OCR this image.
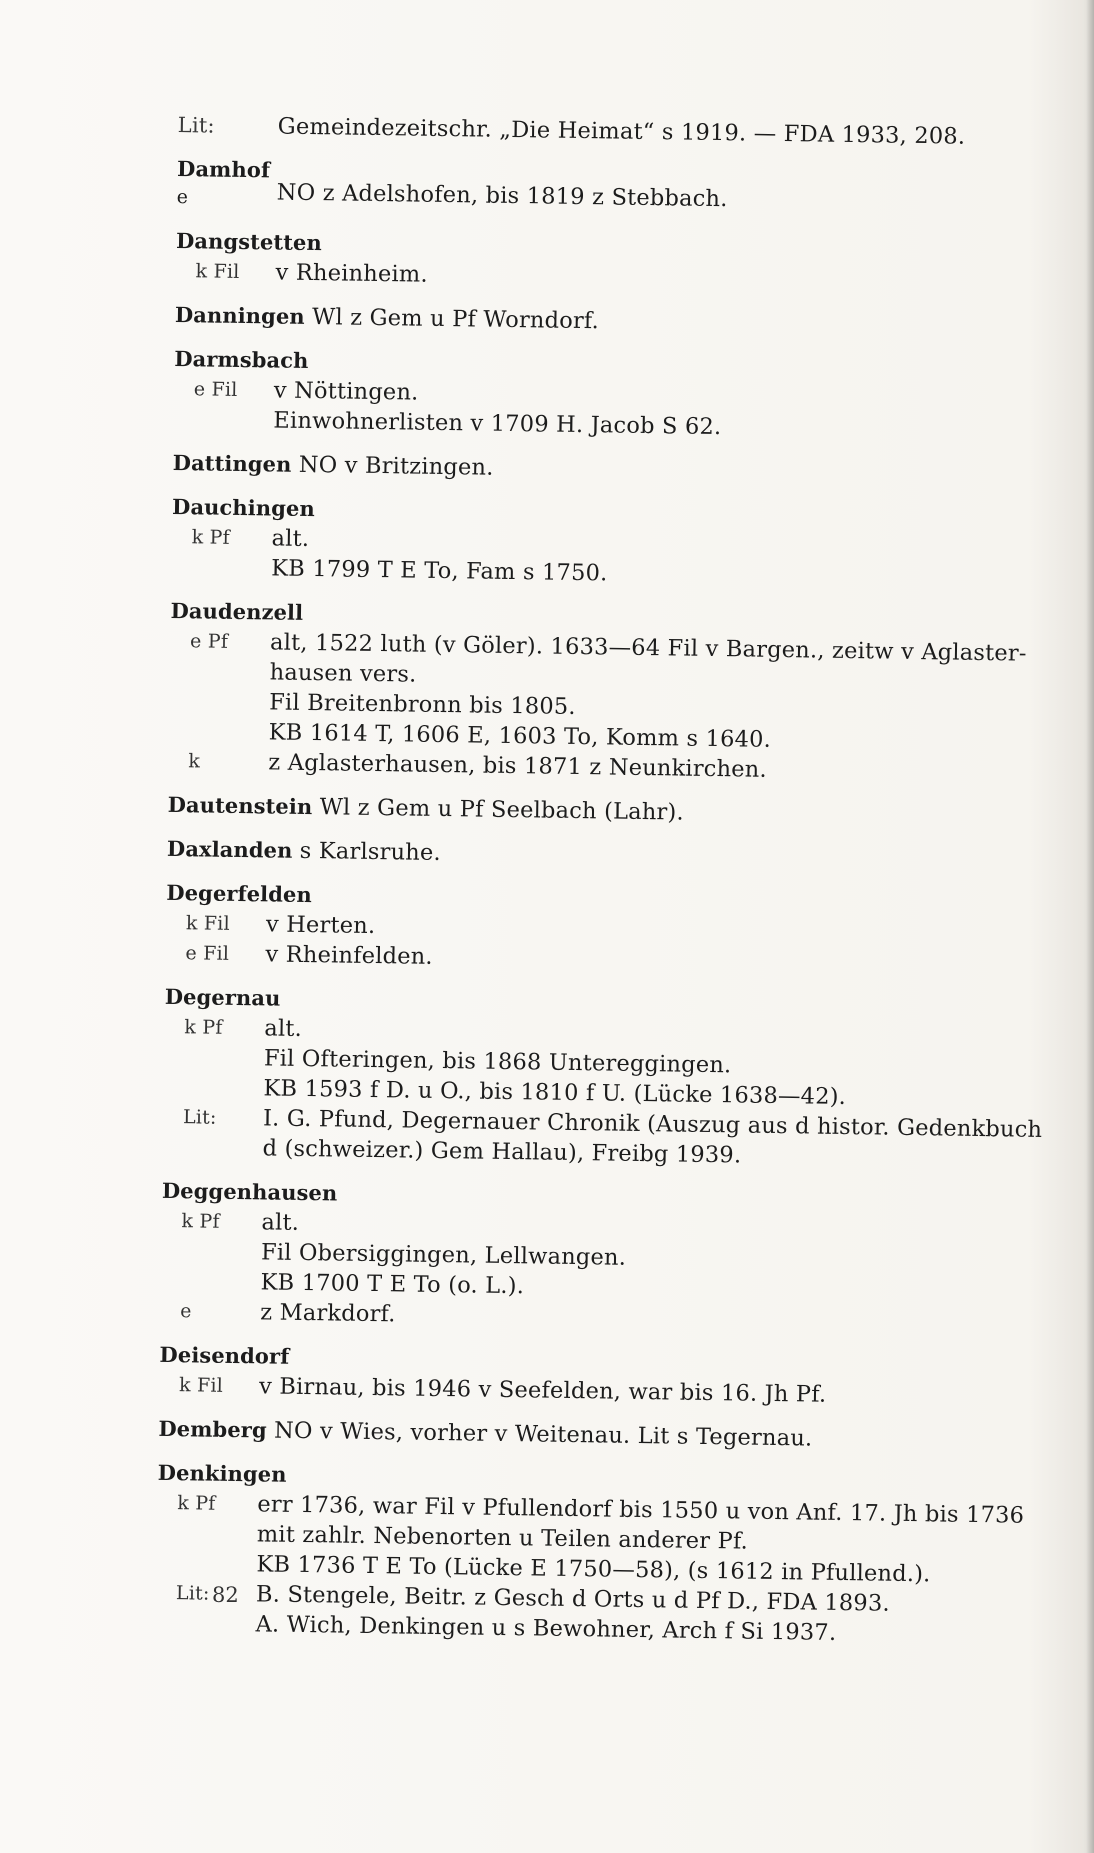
Lit:	Gemeindezeitschr. „Die Heimat“ s 1919. — FDA 1933, 208.
Damhof
e	NO z Adelshofen, bis 1819 z Stebbach.
Dangstetten
k Fil	v Rheinheim.
Danningen Wl z Gem u Pf Worndorf.
Darmsbach
e Fil	v Nöttingen.
Einwohnerlisten v 1709 H. Jacob S 62.
Dattingen NO v Britzingen.
Dauchingen
k Pf	alt.
KB 1799 T E To, Fam s 1750.
Daudenzell
e Pf	alt, 1522 luth (v Göler). 1633—64 Fil v Bargen., zeitw v Aglaster-
hausen vers.
Fil Breitenbronn bis 1805.
KB 1614 T, 1606 E, 1603 To, Komm s 1640.
k	z Aglasterhausen, bis 1871 z Neunkirchen.
Dautenstein Wl z Gem u Pf Seelbach (Lahr).
Daxlanden s Karlsruhe.
Degerfelden
k Fil	v Herten.
e Fil	v Rheinfelden.
Degernau
k Pf	alt.
Fil Ofteringen, bis 1868 Untereggingen.
KB 1593 f D. u O., bis 1810 f U. (Lücke 1638—42).
Lit:	I. G. Pfund, Degernauer Chronik (Auszug aus d histor. Gedenkbuch
d (schweizer.) Gem Hallau), Freibg 1939.
Deggenhausen
k Pf	alt.
Fil Obersiggingen, Lellwangen.
KB 1700 T E To (o. L.).
e	z Markdorf.
Deisendorf
k Fil	v Birnau, bis 1946 v Seefelden, war bis 16. Jh Pf.
Demberg NO v Wies, vorher v Weitenau. Lit s Tegernau.
Denkingen
k Pf	err 1736, war Fil v Pfullendorf bis 1550 u von Anf. 17. Jh bis 1736
mit zahlr. Nebenorten u Teilen anderer Pf.
KB 1736 T E To (Lücke E 1750—58), (s 1612 in Pfullend.).
Lit:	B. Stengele, Beitr. z Gesch d Orts u d Pf D., FDA 1893.
A. Wich, Denkingen u s Bewohner, Arch f Si 1937.
82
